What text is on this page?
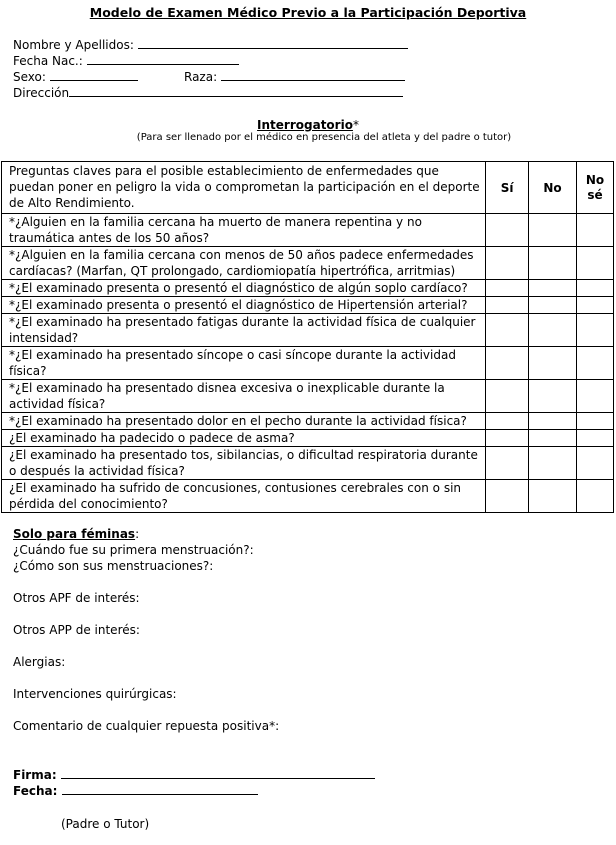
Modelo de Examen Médico Previo a la Participación Deportiva
Nombre y Apellidos:
Fecha Nac.:
Sexo:	Raza:
Dirección
Interrogatorio*
(Para ser llenado por el médico en presencia del atleta y del padre o tutor)
Preguntas claves para el posible establecimiento de enfermedades que puedan poner en peligro la vida o comprometan la participación en el deporte de Alto Rendimiento.	Sí	No	No sé
*¿Alguien en la familia cercana ha muerto de manera repentina y no traumática antes de los 50 años?			
*¿Alguien en la familia cercana con menos de 50 años padece enfermedades cardíacas? (Marfan, QT prolongado, cardiomiopatía hipertrófica, arritmias)			
*¿El examinado presenta o presentó el diagnóstico de algún soplo cardíaco?			
*¿El examinado presenta o presentó el diagnóstico de Hipertensión arterial?			
*¿El examinado ha presentado fatigas durante la actividad física de cualquier intensidad?			
*¿El examinado ha presentado síncope o casi síncope durante la actividad física?			
*¿El examinado ha presentado disnea excesiva o inexplicable durante la actividad física?			
*¿El examinado ha presentado dolor en el pecho durante la actividad física?			
¿El examinado ha padecido o padece de asma?			
¿El examinado ha presentado tos, sibilancias, o dificultad respiratoria durante o después la actividad física?			
¿El examinado ha sufrido de concusiones, contusiones cerebrales con o sin pérdida del conocimiento?			
Solo para féminas:
¿Cuándo fue su primera menstruación?:
¿Cómo son sus menstruaciones?:
Otros APF de interés:
Otros APP de interés:
Alergias:
Intervenciones quirúrgicas:
Comentario de cualquier repuesta positiva*:
Firma:
Fecha:
(Padre o Tutor)
